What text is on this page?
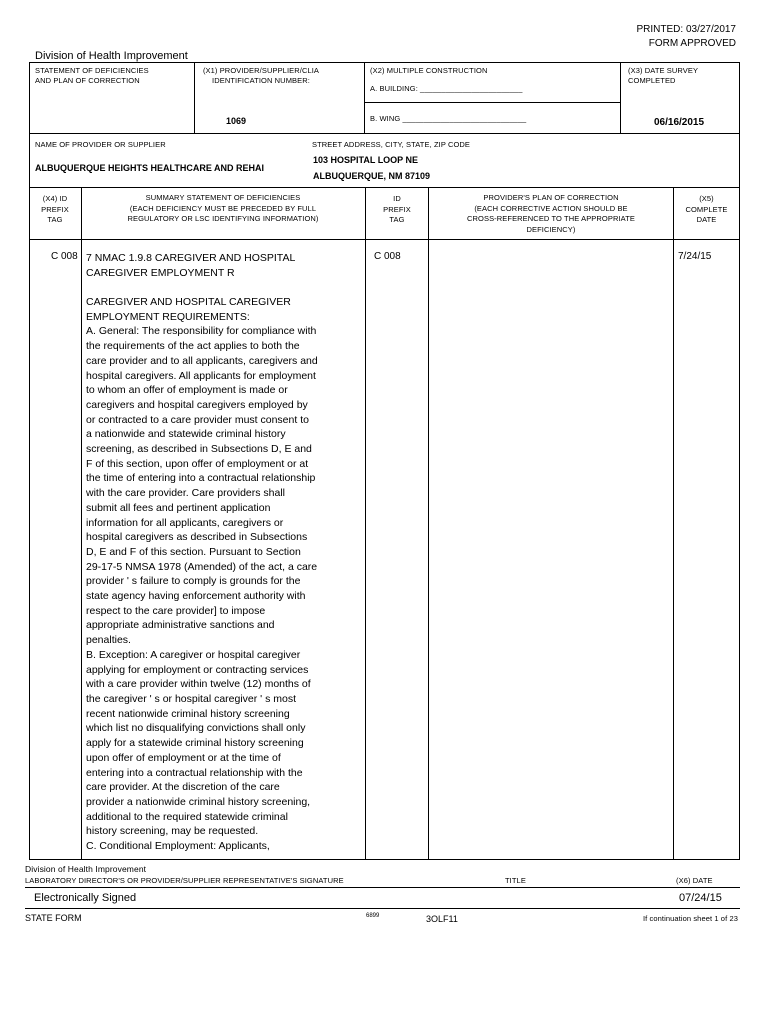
PRINTED: 03/27/2017
FORM APPROVED
Division of Health Improvement
STATEMENT OF DEFICIENCIES
AND PLAN OF CORRECTION
(X1) PROVIDER/SUPPLIER/CLIA
IDENTIFICATION NUMBER:
1069
(X2) MULTIPLE CONSTRUCTION
A. BUILDING: ________________________
B. WING _____________________________
(X3) DATE SURVEY
COMPLETED
06/16/2015
NAME OF PROVIDER OR SUPPLIER
ALBUQUERQUE HEIGHTS HEALTHCARE AND REHAI
STREET ADDRESS, CITY, STATE, ZIP CODE
103 HOSPITAL LOOP NE
ALBUQUERQUE, NM 87109
(X4) ID
PREFIX
TAG
SUMMARY STATEMENT OF DEFICIENCIES
(EACH DEFICIENCY MUST BE PRECEDED BY FULL
REGULATORY OR LSC IDENTIFYING INFORMATION)
ID
PREFIX
TAG
PROVIDER'S PLAN OF CORRECTION
(EACH CORRECTIVE ACTION SHOULD BE
CROSS-REFERENCED TO THE APPROPRIATE
DEFICIENCY)
(X5)
COMPLETE
DATE
C 008	C 008	7/24/15
7 NMAC 1.9.8 CAREGIVER AND HOSPITAL
CAREGIVER EMPLOYMENT R
CAREGIVER AND HOSPITAL CAREGIVER
EMPLOYMENT REQUIREMENTS:
A. General: The responsibility for compliance with
the requirements of the act applies to both the
care provider and to all applicants, caregivers and
hospital caregivers. All applicants for employment
to whom an offer of employment is made or
caregivers and hospital caregivers employed by
or contracted to a care provider must consent to
a nationwide and statewide criminal history
screening, as described in Subsections D, E and
F of this section, upon offer of employment or at
the time of entering into a contractual relationship
with the care provider. Care providers shall
submit all fees and pertinent application
information for all applicants, caregivers or
hospital caregivers as described in Subsections
D, E and F of this section. Pursuant to Section
29-17-5 NMSA 1978 (Amended) of the act, a care
provider ' s failure to comply is grounds for the
state agency having enforcement authority with
respect to the care provider] to impose
appropriate administrative sanctions and
penalties.
B. Exception: A caregiver or hospital caregiver
applying for employment or contracting services
with a care provider within twelve (12) months of
the caregiver ' s or hospital caregiver ' s most
recent nationwide criminal history screening
which list no disqualifying convictions shall only
apply for a statewide criminal history screening
upon offer of employment or at the time of
entering into a contractual relationship with the
care provider. At the discretion of the care
provider a nationwide criminal history screening,
additional to the required statewide criminal
history screening, may be requested.
C. Conditional Employment: Applicants,
Division of Health Improvement
LABORATORY DIRECTOR'S OR PROVIDER/SUPPLIER REPRESENTATIVE'S SIGNATURE	TITLE	(X6) DATE
Electronically Signed	07/24/15
STATE FORM	6899	3OLF11	If continuation sheet 1 of 23
